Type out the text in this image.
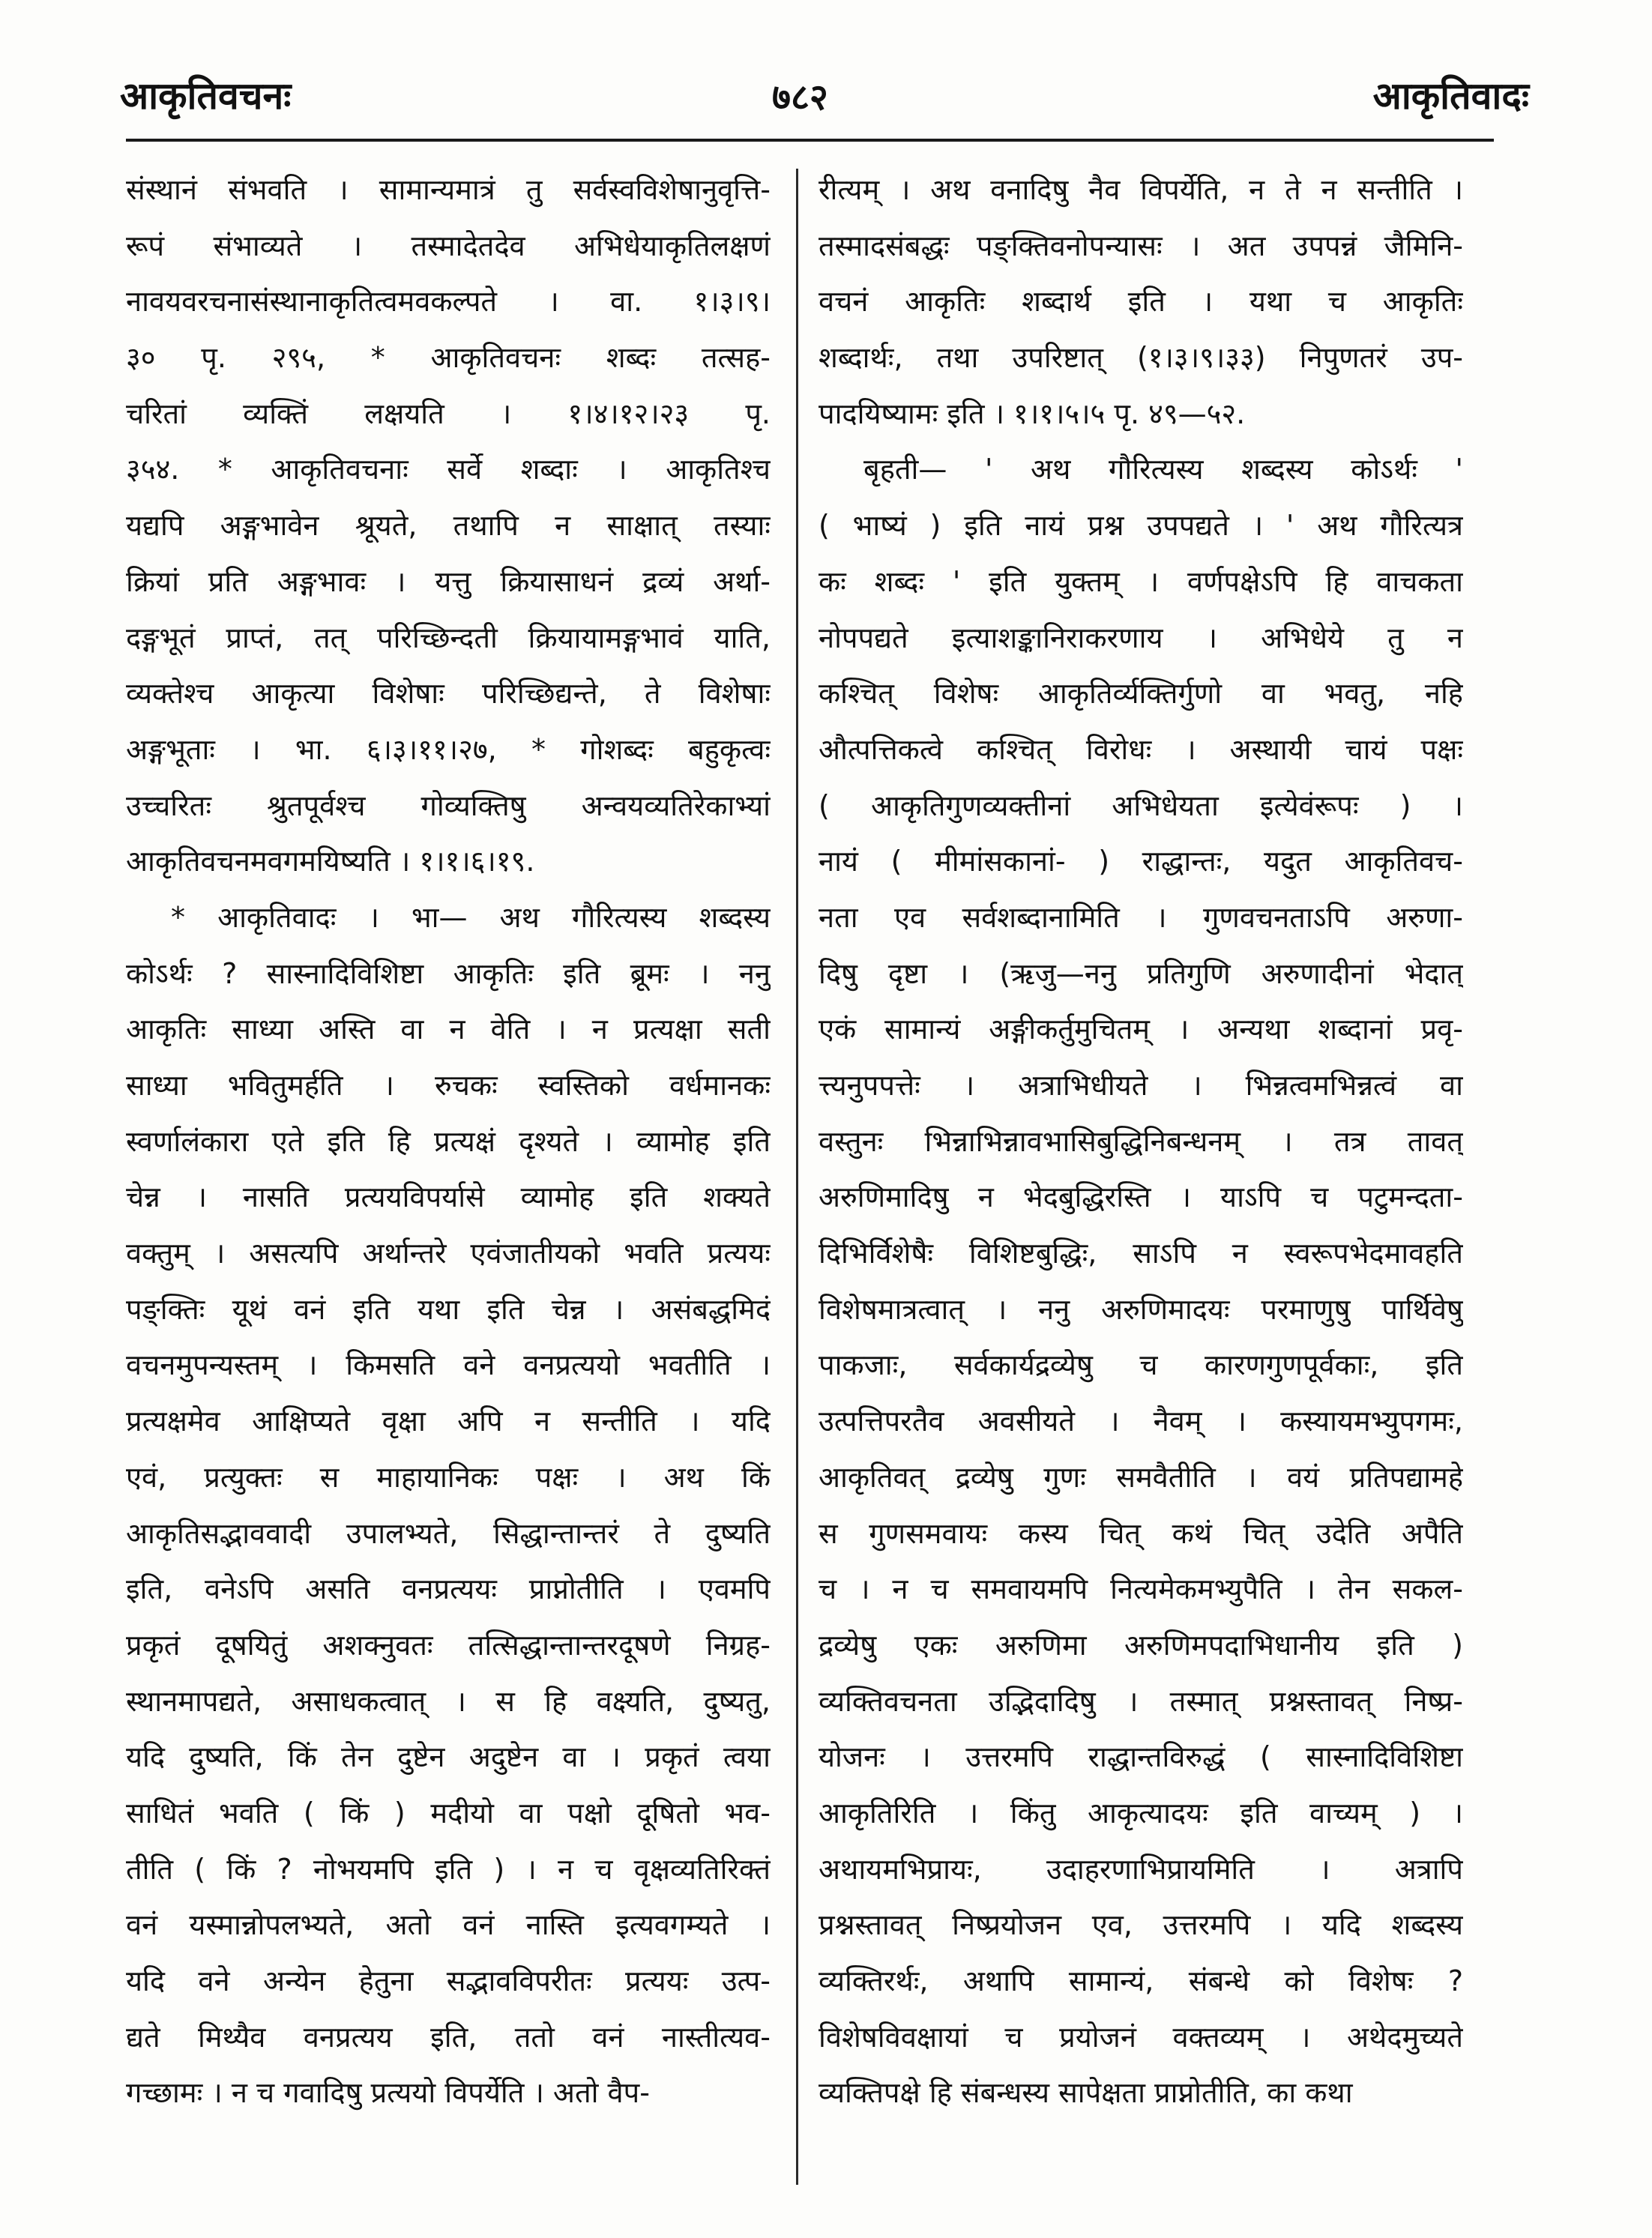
आकृतिवचनः	७८२	आकृतिवादः
संस्थानं संभवति । सामान्यमात्रं तु सर्वस्वविशेषानुवृत्ति-
रूपं संभाव्यते । तस्मादेतदेव अभिधेयाकृतिलक्षणं
नावयवरचनासंस्थानाकृतित्वमवकल्पते । वा. १।३।९।
३० पृ. २९५, * आकृतिवचनः शब्दः तत्सह-
चरितां व्यक्तिं लक्षयति । १।४।१२।२३ पृ.
३५४. * आकृतिवचनाः सर्वे शब्दाः । आकृतिश्च
यद्यपि अङ्गभावेन श्रूयते, तथापि न साक्षात् तस्याः
क्रियां प्रति अङ्गभावः । यत्तु क्रियासाधनं द्रव्यं अर्था-
दङ्गभूतं प्राप्तं, तत् परिच्छिन्दती क्रियायामङ्गभावं याति,
व्यक्तेश्च आकृत्या विशेषाः परिच्छिद्यन्ते, ते विशेषाः
अङ्गभूताः । भा. ६।३।११।२७, * गोशब्दः बहुकृत्वः
उच्चरितः श्रुतपूर्वश्च गोव्यक्तिषु अन्वयव्यतिरेकाभ्यां
आकृतिवचनमवगमयिष्यति । १।१।६।१९.
* आकृतिवादः । भा— अथ गौरित्यस्य शब्दस्य
कोऽर्थः ? सास्नादिविशिष्टा आकृतिः इति ब्रूमः । ननु
आकृतिः साध्या अस्ति वा न वेति । न प्रत्यक्षा सती
साध्या भवितुमर्हति । रुचकः स्वस्तिको वर्धमानकः
स्वर्णालंकारा एते इति हि प्रत्यक्षं दृश्यते । व्यामोह इति
चेन्न । नासति प्रत्ययविपर्यासे व्यामोह इति शक्यते
वक्तुम् । असत्यपि अर्थान्तरे एवंजातीयको भवति प्रत्ययः
पङ्क्तिः यूथं वनं इति यथा इति चेन्न । असंबद्धमिदं
वचनमुपन्यस्तम् । किमसति वने वनप्रत्ययो भवतीति ।
प्रत्यक्षमेव आक्षिप्यते वृक्षा अपि न सन्तीति । यदि
एवं, प्रत्युक्तः स माहायानिकः पक्षः । अथ किं
आकृतिसद्भाववादी उपालभ्यते, सिद्धान्तान्तरं ते दुष्यति
इति, वनेऽपि असति वनप्रत्ययः प्राप्नोतीति । एवमपि
प्रकृतं दूषयितुं अशक्नुवतः तत्सिद्धान्तान्तरदूषणे निग्रह-
स्थानमापद्यते, असाधकत्वात् । स हि वक्ष्यति, दुष्यतु,
यदि दुष्यति, किं तेन दुष्टेन अदुष्टेन वा । प्रकृतं त्वया
साधितं भवति ( किं ) मदीयो वा पक्षो दूषितो भव-
तीति ( किं ? नोभयमपि इति ) । न च वृक्षव्यतिरिक्तं
वनं यस्मान्नोपलभ्यते, अतो वनं नास्ति इत्यवगम्यते ।
यदि वने अन्येन हेतुना सद्भावविपरीतः प्रत्ययः उत्प-
द्यते मिथ्यैव वनप्रत्यय इति, ततो वनं नास्तीत्यव-
गच्छामः । न च गवादिषु प्रत्ययो विपर्येति । अतो वैप-
रीत्यम् । अथ वनादिषु नैव विपर्येति, न ते न सन्तीति ।
तस्मादसंबद्धः पङ्क्तिवनोपन्यासः । अत उपपन्नं जैमिनि-
वचनं आकृतिः शब्दार्थ इति । यथा च आकृतिः
शब्दार्थः, तथा उपरिष्टात् (१।३।९।३३) निपुणतरं उप-
पादयिष्यामः इति । १।१।५।५ पृ. ४९—५२.
बृहती— ' अथ गौरित्यस्य शब्दस्य कोऽर्थः '
( भाष्यं ) इति नायं प्रश्न उपपद्यते । ' अथ गौरित्यत्र
कः शब्दः ' इति युक्तम् । वर्णपक्षेऽपि हि वाचकता
नोपपद्यते इत्याशङ्कानिराकरणाय । अभिधेये तु न
कश्चित् विशेषः आकृतिर्व्यक्तिर्गुणो वा भवतु, नहि
औत्पत्तिकत्वे कश्चित् विरोधः । अस्थायी चायं पक्षः
( आकृतिगुणव्यक्तीनां अभिधेयता इत्येवंरूपः ) ।
नायं ( मीमांसकानां- ) राद्धान्तः, यदुत आकृतिवच-
नता एव सर्वशब्दानामिति । गुणवचनताऽपि अरुणा-
दिषु दृष्टा । (ऋजु—ननु प्रतिगुणि अरुणादीनां भेदात्
एकं सामान्यं अङ्गीकर्तुमुचितम् । अन्यथा शब्दानां प्रवृ-
त्त्यनुपपत्तेः । अत्राभिधीयते । भिन्नत्वमभिन्नत्वं वा
वस्तुनः भिन्नाभिन्नावभासिबुद्धिनिबन्धनम् । तत्र तावत्
अरुणिमादिषु न भेदबुद्धिरस्ति । याऽपि च पटुमन्दता-
दिभिर्विशेषैः विशिष्टबुद्धिः, साऽपि न स्वरूपभेदमावहति
विशेषमात्रत्वात् । ननु अरुणिमादयः परमाणुषु पार्थिवेषु
पाकजाः, सर्वकार्यद्रव्येषु च कारणगुणपूर्वकाः, इति
उत्पत्तिपरतैव अवसीयते । नैवम् । कस्यायमभ्युपगमः,
आकृतिवत् द्रव्येषु गुणः समवैतीति । वयं प्रतिपद्यामहे
स गुणसमवायः कस्य चित् कथं चित् उदेति अपैति
च । न च समवायमपि नित्यमेकमभ्युपैति । तेन सकल-
द्रव्येषु एकः अरुणिमा अरुणिमपदाभिधानीय इति )
व्यक्तिवचनता उद्भिदादिषु । तस्मात् प्रश्नस्तावत् निष्प्र-
योजनः । उत्तरमपि राद्धान्तविरुद्धं ( सास्नादिविशिष्टा
आकृतिरिति । किंतु आकृत्यादयः इति वाच्यम् ) ।
अथायमभिप्रायः, उदाहरणाभिप्रायमिति । अत्रापि
प्रश्नस्तावत् निष्प्रयोजन एव, उत्तरमपि । यदि शब्दस्य
व्यक्तिरर्थः, अथापि सामान्यं, संबन्धे को विशेषः ?
विशेषविवक्षायां च प्रयोजनं वक्तव्यम् । अथेदमुच्यते
व्यक्तिपक्षे हि संबन्धस्य सापेक्षता प्राप्नोतीति, का कथा
